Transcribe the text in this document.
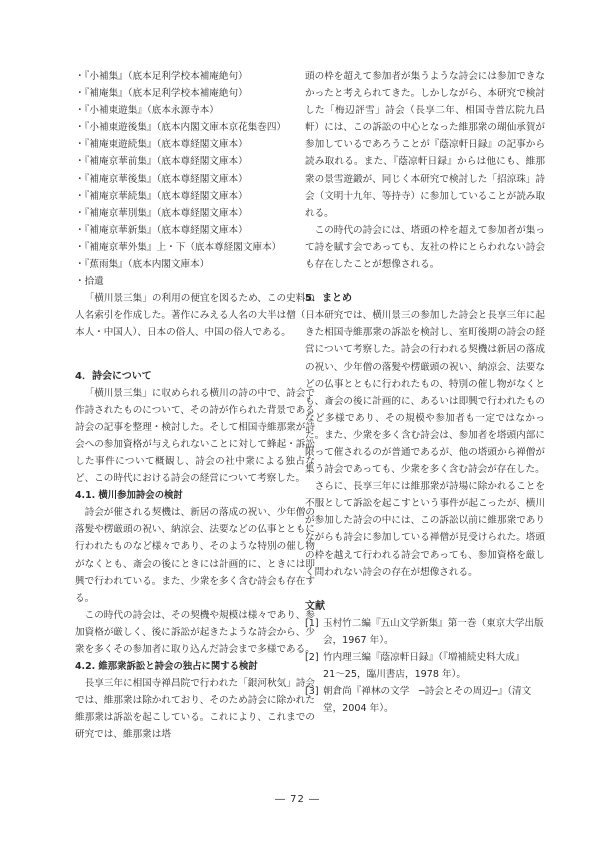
・『小補集』（底本足利学校本補庵絶句）
・『補庵集』（底本足利学校本補庵絶句）
・『小補東遊集』（底本永源寺本）
・『小補東遊後集』（底本内閣文庫本京花集巻四）
・『補庵東遊続集』（底本尊経閣文庫本）
・『補庵京華前集』（底本尊経閣文庫本）
・『補庵京華後集』（底本尊経閣文庫本）
・『補庵京華続集』（底本尊経閣文庫本）
・『補庵京華別集』（底本尊経閣文庫本）
・『補庵京華新集』（底本尊経閣文庫本）
・『補庵京華外集』上・下（底本尊経閣文庫本）
・『蕉雨集』（底本内閣文庫本）
・拾遺

「横川景三集」の利用の便宜を図るため、この史料の人名索引を作成した。著作にみえる人名の大半は僧（日本人・中国人）、日本の俗人、中国の俗人である。

4．詩会について

「横川景三集」に収められる横川の詩の中で、詩会で作詩されたものについて、その詩が作られた背景である詩会の記事を整理・検討した。そして相国寺維那衆が詩会への参加資格が与えられないことに対して蜂起・訴訟した事件について概観し、詩会の社中衆による独占など、この時代における詩会の経営について考察した。

4.1. 横川参加詩会の検討

詩会が催される契機は、新居の落成の祝い、少年僧の落髪や楞厳頭の祝い、納涼会、法要などの仏事とともに行われたものなど様々であり、そのような特別の催し物がなくとも、斎会の後にときには計画的に、ときには即興で行われている。また、少衆を多く含む詩会も存在する。

この時代の詩会は、その契機や規模は様々であり、参加資格が厳しく、後に訴訟が起きたような詩会から、少衆を多くその参加者に取り込んだ詩会まで多様である。

4.2. 維那衆訴訟と詩会の独占に関する検討

長享三年に相国寺禅昌院で行われた「銀河秋気」詩会では、維那衆は除かれており、そのため詩会に除かれた維那衆は訴訟を起こしている。これにより、これまでの研究では、維那衆は塔

頭の枠を超えて参加者が集うような詩会には参加できなかったと考えられてきた。しかしながら、本研究で検討した「梅辺評雪」詩会（長享二年、相国寺普広院九昌軒）には、この訴訟の中心となった維那衆の瑚仙承賀が参加しているであろうことが『蔭凉軒日録』の記事から読み取れる。また、『蔭凉軒日録』からは他にも、維那衆の景雪遊鍛が、同じく本研究で検討した「招涼珠」詩会（文明十九年、等持寺）に参加していることが読み取れる。

この時代の詩会には、塔頭の枠を超えて参加者が集って詩を賦す会であっても、友社の枠にとらわれない詩会も存在したことが想像される。

5．まとめ

本研究では、横川景三の参加した詩会と長享三年に起きた相国寺維那衆の訴訟を検討し、室町後期の詩会の経営について考察した。詩会の行われる契機は新居の落成の祝い、少年僧の落髪や楞厳頭の祝い、納涼会、法要などの仏事とともに行われたもの、特別の催し物がなくとも、斎会の後に計画的に、あるいは即興で行われたものなど多様であり、その規模や参加者も一定ではなかった。また、少衆を多く含む詩会は、参加者を塔頭内部に限って催されるのが普通であるが、他の塔頭から禅僧が集う詩会であっても、少衆を多く含む詩会が存在した。

さらに、長享三年には維那衆が詩場に除かれることを不服として訴訟を起こすという事件が起こったが、横川が参加した詩会の中には、この訴訟以前に維那衆でありながらも詩会に参加している禅僧が見受けられた。塔頭の枠を越えて行われる詩会であっても、参加資格を厳しく問われない詩会の存在が想像される。

文献

[1] 玉村竹二編『五山文学新集』第一巻（東京大学出版会，1967 年）。
[2] 竹内理三編『蔭凉軒日録』（『増補続史料大成』21〜25，臨川書店，1978 年）。
[3] 朝倉尚『禅林の文学　─詩会とその周辺─』（清文堂，2004 年）。
― 72 ―
